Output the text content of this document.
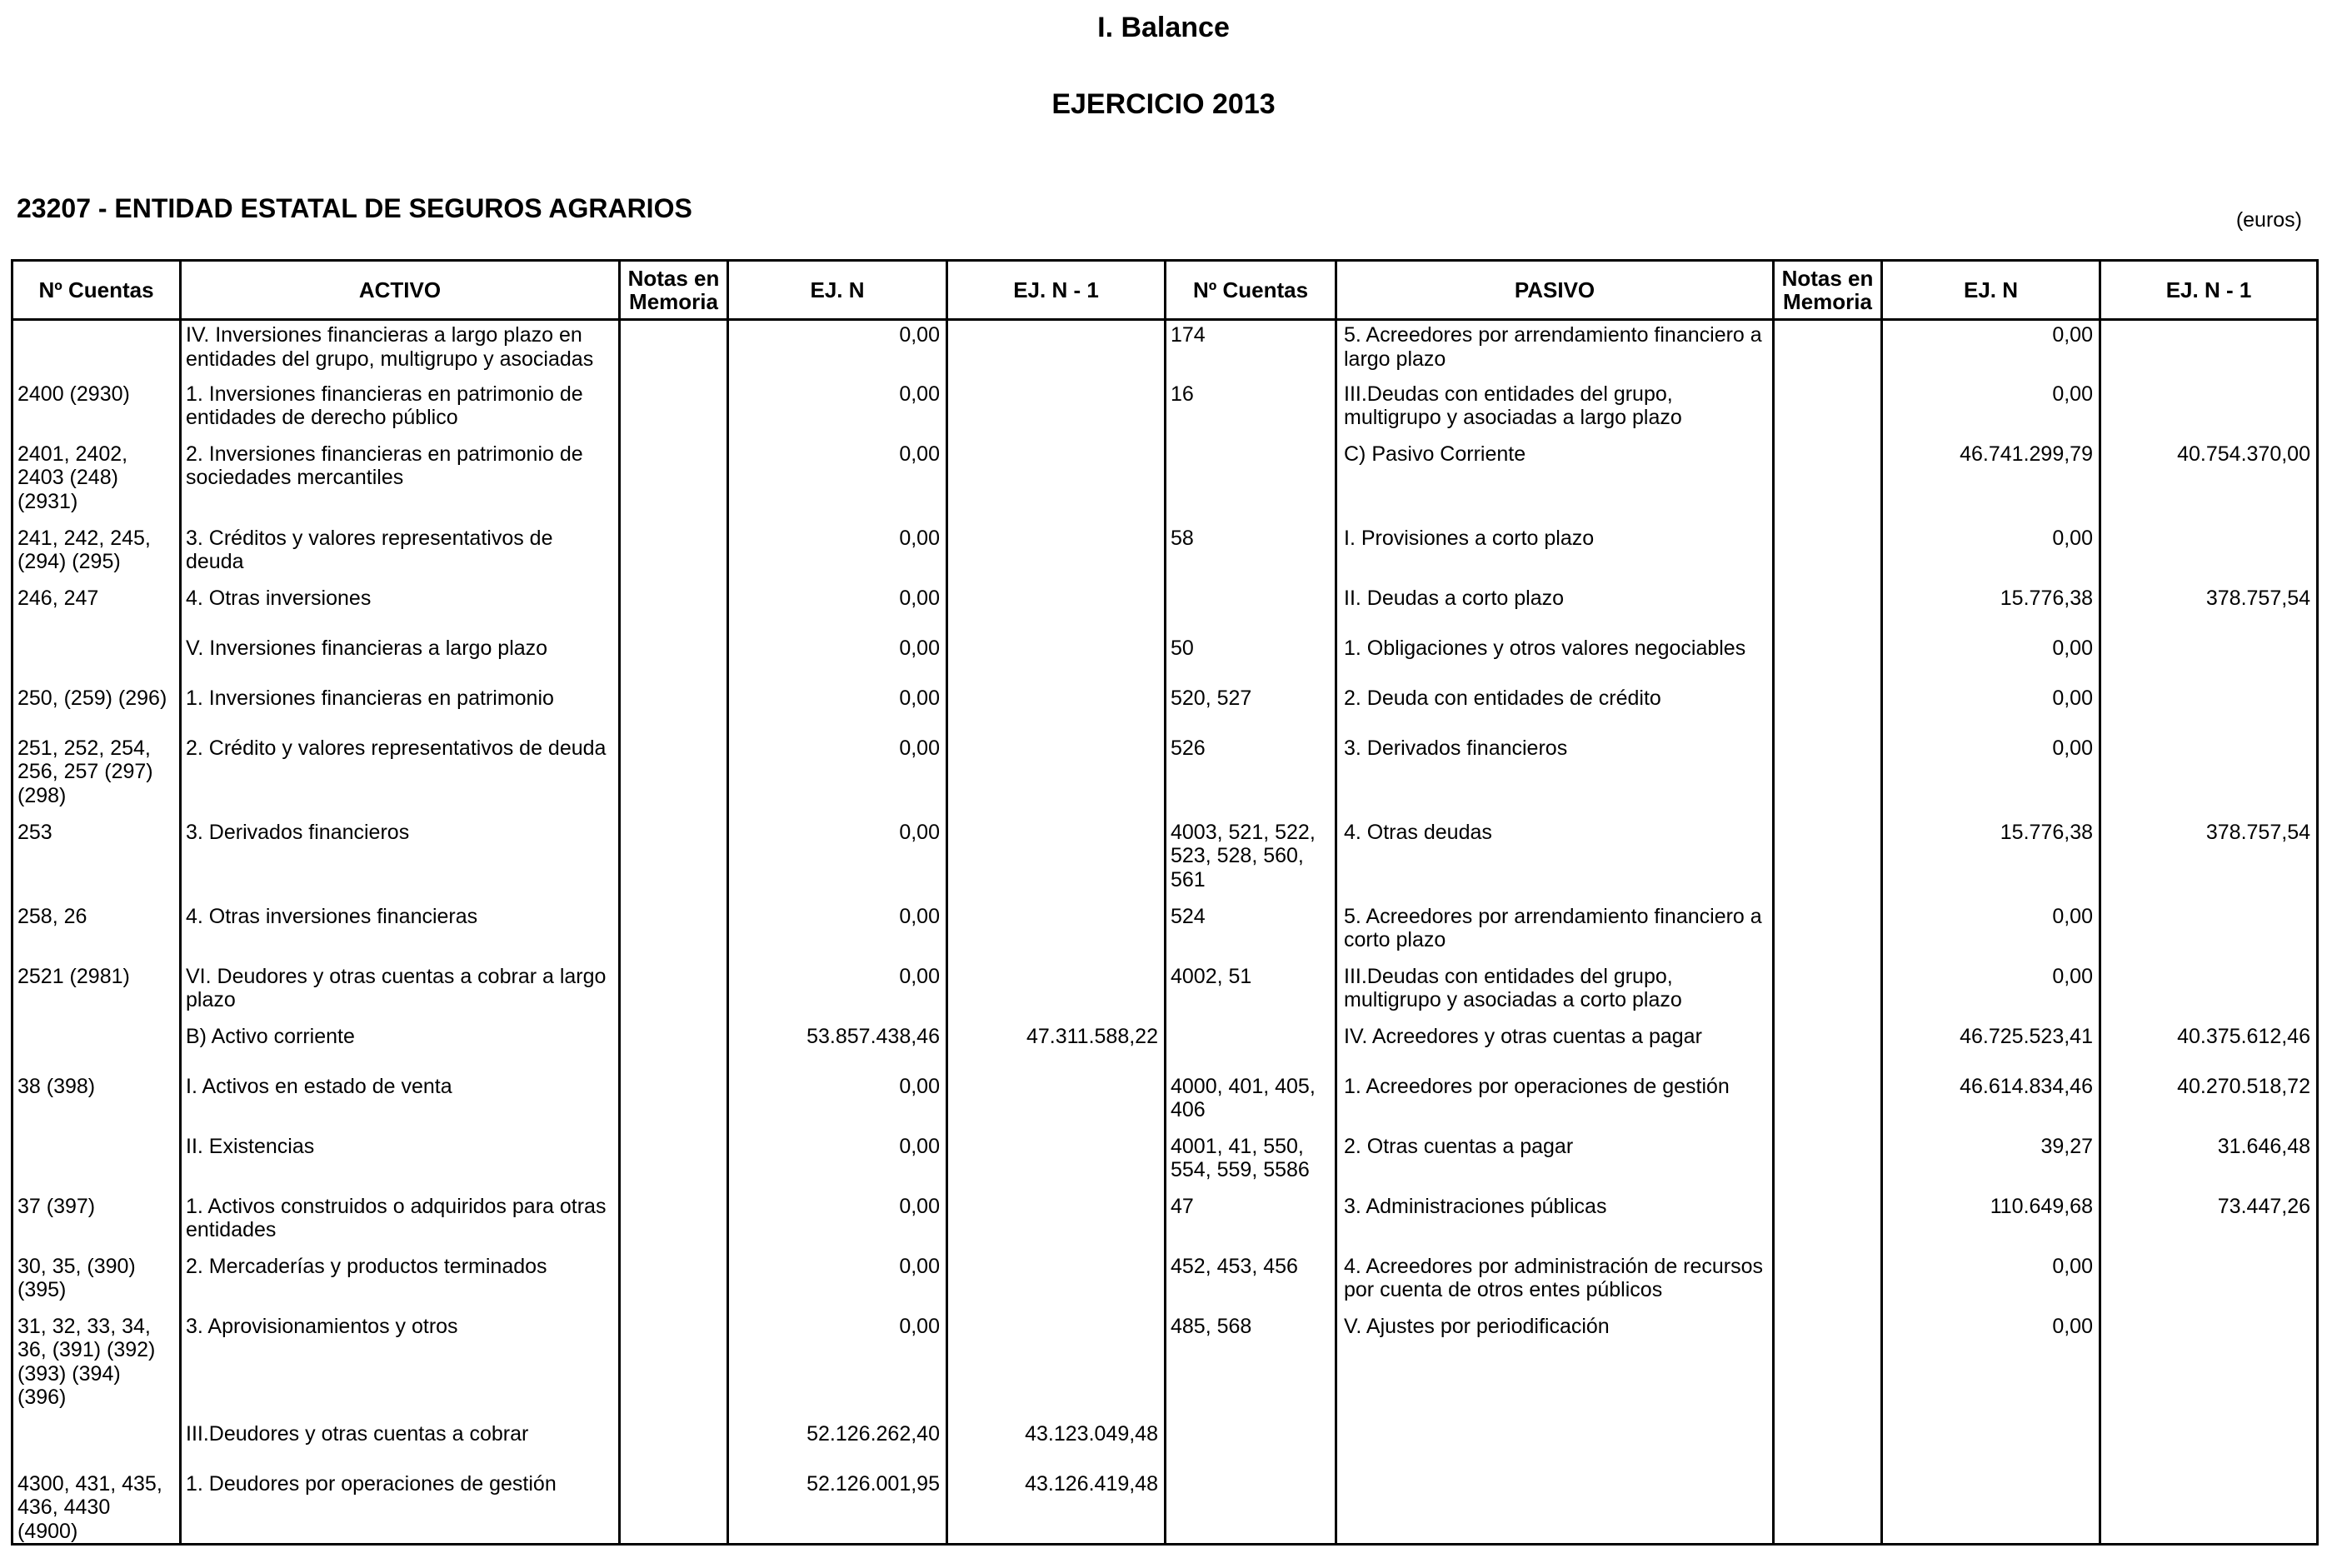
I. Balance
EJERCICIO 2013
23207 - ENTIDAD ESTATAL DE SEGUROS AGRARIOS	(euros)
Nº Cuentas	ACTIVO	Notas en Memoria	EJ. N	EJ. N - 1	Nº Cuentas	PASIVO	Notas en Memoria	EJ. N	EJ. N - 1
	IV. Inversiones financieras a largo plazo en entidades del grupo, multigrupo y asociadas		0,00		174	5. Acreedores por arrendamiento financiero a largo plazo		0,00	
2400 (2930)	1. Inversiones financieras en patrimonio de entidades de derecho público		0,00		16	III.Deudas con entidades del grupo, multigrupo y asociadas a largo plazo		0,00	
2401, 2402, 2403 (248) (2931)	2. Inversiones financieras en patrimonio de sociedades mercantiles		0,00			C) Pasivo Corriente		46.741.299,79	40.754.370,00
241, 242, 245, (294) (295)	3. Créditos y valores representativos de deuda		0,00		58	I. Provisiones a corto plazo		0,00	
246, 247	4. Otras inversiones		0,00			II. Deudas a corto plazo		15.776,38	378.757,54
	V. Inversiones financieras a largo plazo		0,00		50	1. Obligaciones y otros valores negociables		0,00	
250, (259) (296)	1. Inversiones financieras en patrimonio		0,00		520, 527	2. Deuda con entidades de crédito		0,00	
251, 252, 254, 256, 257 (297) (298)	2. Crédito y valores representativos de deuda		0,00		526	3. Derivados financieros		0,00	
253	3. Derivados financieros		0,00		4003, 521, 522, 523, 528, 560, 561	4. Otras deudas		15.776,38	378.757,54
258, 26	4. Otras inversiones financieras		0,00		524	5. Acreedores por arrendamiento financiero a corto plazo		0,00	
2521 (2981)	VI. Deudores y otras cuentas a cobrar a largo plazo		0,00		4002, 51	III.Deudas con entidades del grupo, multigrupo y asociadas a corto plazo		0,00	
	B) Activo corriente		53.857.438,46	47.311.588,22		IV. Acreedores y otras cuentas a pagar		46.725.523,41	40.375.612,46
38 (398)	I. Activos en estado de venta		0,00		4000, 401, 405, 406	1. Acreedores por operaciones de gestión		46.614.834,46	40.270.518,72
	II. Existencias		0,00		4001, 41, 550, 554, 559, 5586	2. Otras cuentas a pagar		39,27	31.646,48
37 (397)	1. Activos construidos o adquiridos para otras entidades		0,00		47	3. Administraciones públicas		110.649,68	73.447,26
30, 35, (390) (395)	2. Mercaderías y productos terminados		0,00		452, 453, 456	4. Acreedores por administración de recursos por cuenta de otros entes públicos		0,00	
31, 32, 33, 34, 36, (391) (392) (393) (394) (396)	3. Aprovisionamientos y otros		0,00		485, 568	V. Ajustes por periodificación		0,00	
	III.Deudores y otras cuentas a cobrar		52.126.262,40	43.123.049,48					
4300, 431, 435, 436, 4430 (4900)	1. Deudores por operaciones de gestión		52.126.001,95	43.126.419,48					
